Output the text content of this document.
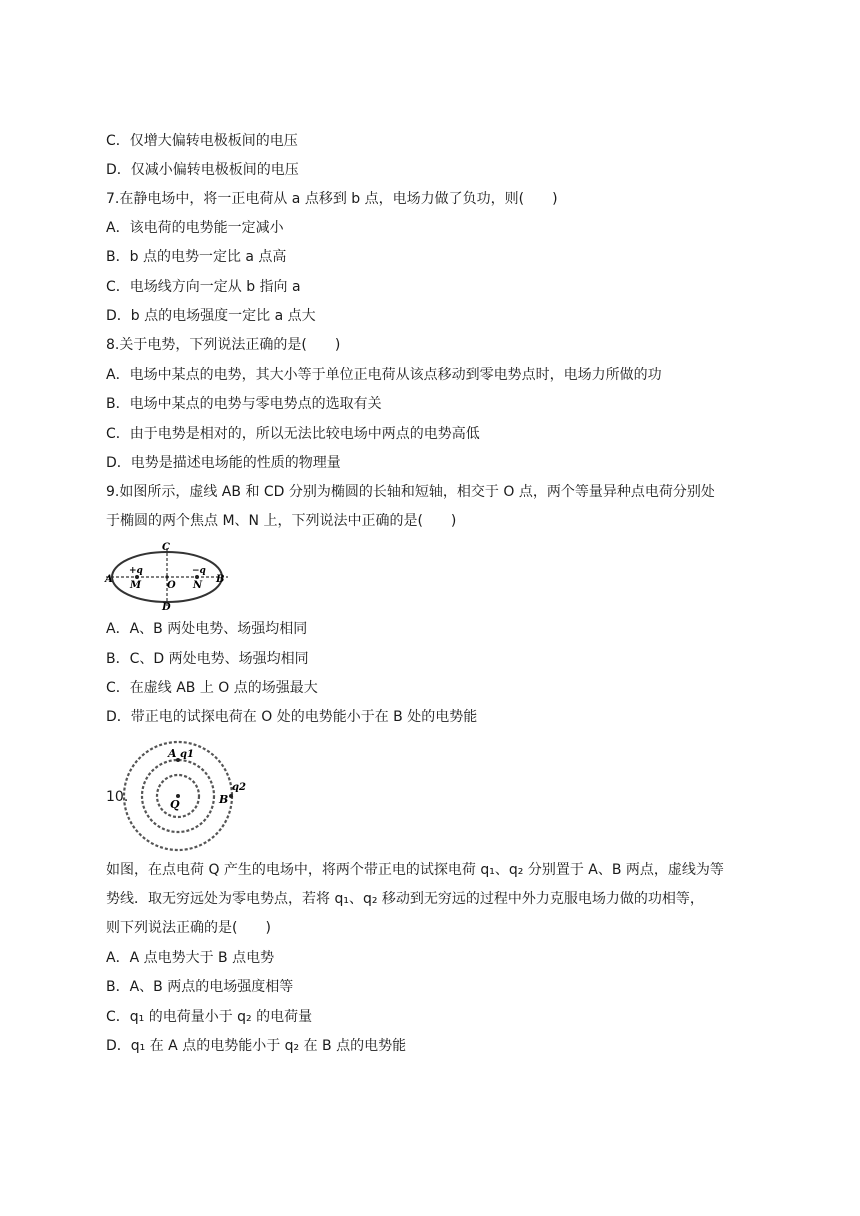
C．仅增大偏转电极板间的电压
D．仅减小偏转电极板间的电压
7.在静电场中，将一正电荷从 a 点移到 b 点，电场力做了负功，则(　　)
A．该电荷的电势能一定减小
B．b 点的电势一定比 a 点高
C．电场线方向一定从 b 指向 a
D．b 点的电场强度一定比 a 点大
8.关于电势，下列说法正确的是(　　)
A．电场中某点的电势，其大小等于单位正电荷从该点移动到零电势点时，电场力所做的功
B．电场中某点的电势与零电势点的选取有关
C．由于电势是相对的，所以无法比较电场中两点的电势高低
D．电势是描述电场能的性质的物理量
9.如图所示，虚线 AB 和 CD 分别为椭圆的长轴和短轴，相交于 O 点，两个等量异种点电荷分别处
于椭圆的两个焦点 M、N 上，下列说法中正确的是(　　)
C
D
A	B
O
M	N
+q	−q
A．A、B 两处电势、场强均相同
B．C、D 两处电势、场强均相同
C．在虚线 AB 上 O 点的场强最大
D．带正电的试探电荷在 O 处的电势能小于在 B 处的电势能
10.
A q1
B
q2
Q
如图，在点电荷 Q 产生的电场中，将两个带正电的试探电荷 q₁、q₂ 分别置于 A、B 两点，虚线为等
势线．取无穷远处为零电势点，若将 q₁、q₂ 移动到无穷远的过程中外力克服电场力做的功相等，
则下列说法正确的是(　　)
A．A 点电势大于 B 点电势
B．A、B 两点的电场强度相等
C．q₁ 的电荷量小于 q₂ 的电荷量
D．q₁ 在 A 点的电势能小于 q₂ 在 B 点的电势能
